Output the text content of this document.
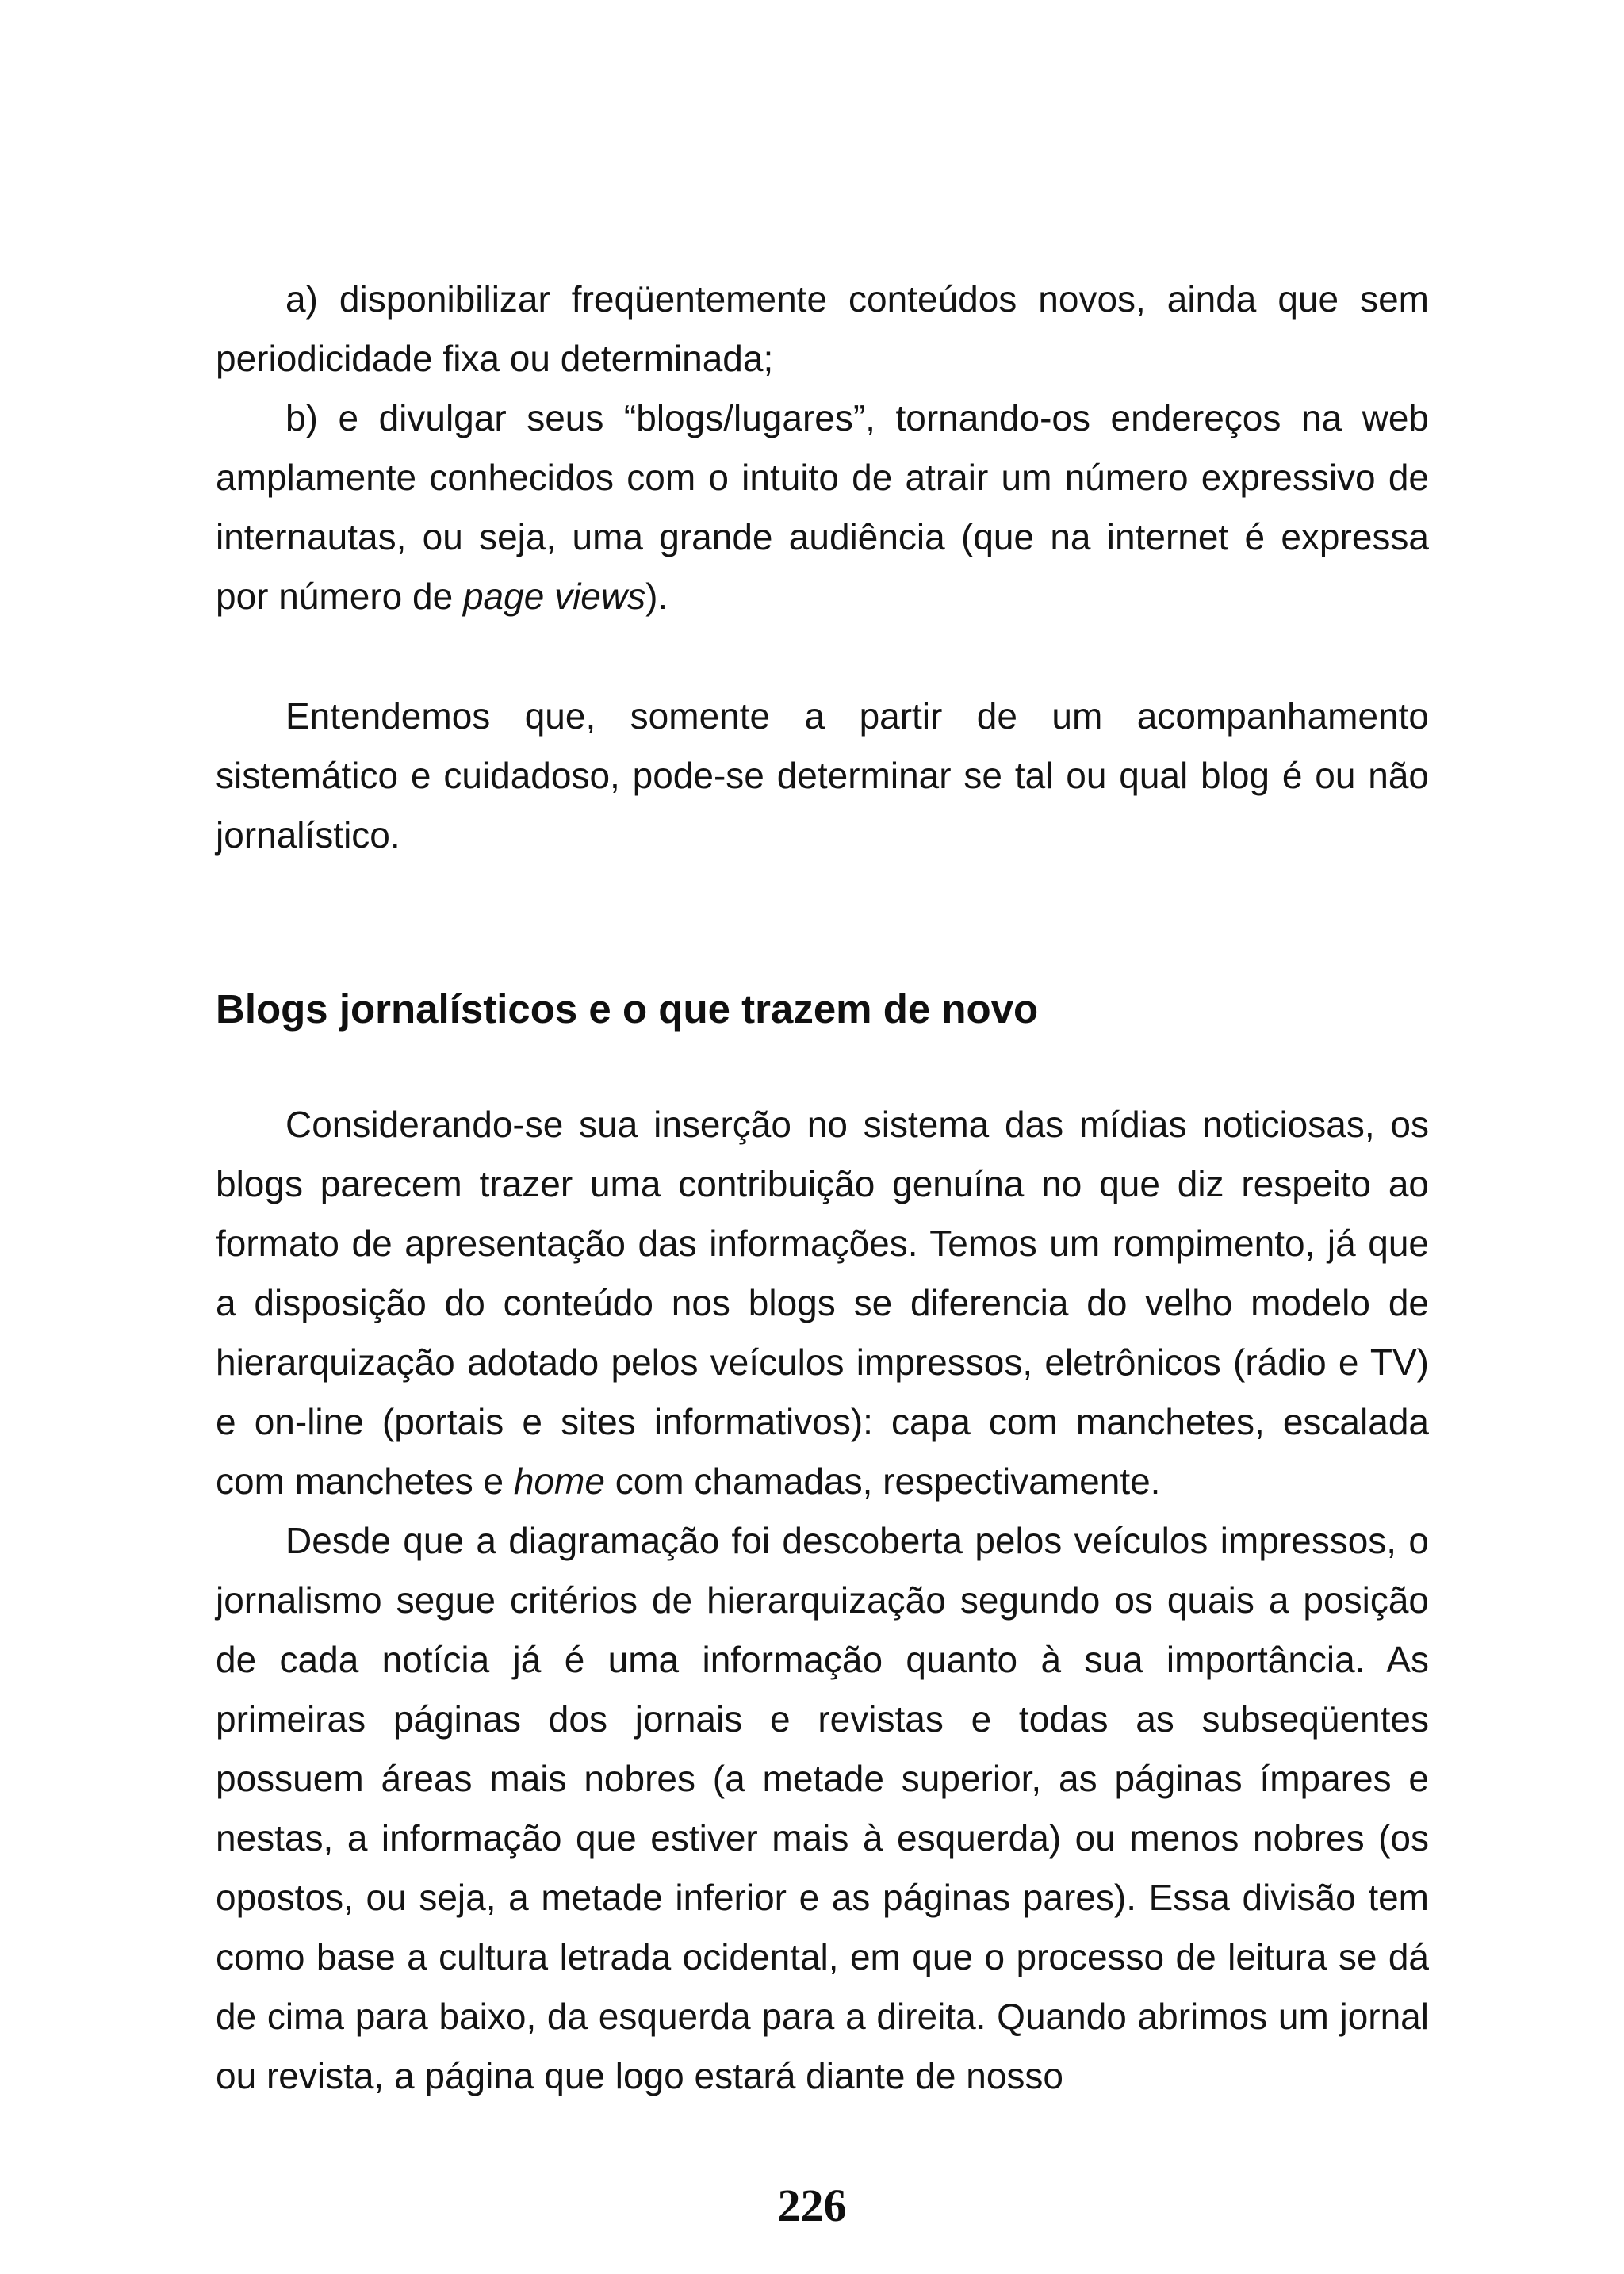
a) disponibilizar freqüentemente conteúdos novos, ainda que sem periodicidade fixa ou determinada;

b) e divulgar seus “blogs/lugares”, tornando-os endereços na web amplamente conhecidos com o intuito de atrair um número expressivo de internautas, ou seja, uma grande audiência (que na internet é expressa por número de page views).

Entendemos que, somente a partir de um acompanhamento sistemático e cuidadoso, pode-se determinar se tal ou qual blog é ou não jornalístico.

Blogs jornalísticos e o que trazem de novo

Considerando-se sua inserção no sistema das mídias noticiosas, os blogs parecem trazer uma contribuição genuína no que diz respeito ao formato de apresentação das informações. Temos um rompimento, já que a disposição do conteúdo nos blogs se diferencia do velho modelo de hierarquização adotado pelos veículos impressos, eletrônicos (rádio e TV) e on-line (portais e sites informativos): capa com manchetes, escalada com manchetes e home com chamadas, respectivamente.

Desde que a diagramação foi descoberta pelos veículos impressos, o jornalismo segue critérios de hierarquização segundo os quais a posição de cada notícia já é uma informação quanto à sua importância. As primeiras páginas dos jornais e revistas e todas as subseqüentes possuem áreas mais nobres (a metade superior, as páginas ímpares e nestas, a informação que estiver mais à esquerda) ou menos nobres (os opostos, ou seja, a metade inferior e as páginas pares). Essa divisão tem como base a cultura letrada ocidental, em que o processo de leitura se dá de cima para baixo, da esquerda para a direita. Quando abrimos um jornal ou revista, a página que logo estará diante de nosso

226
